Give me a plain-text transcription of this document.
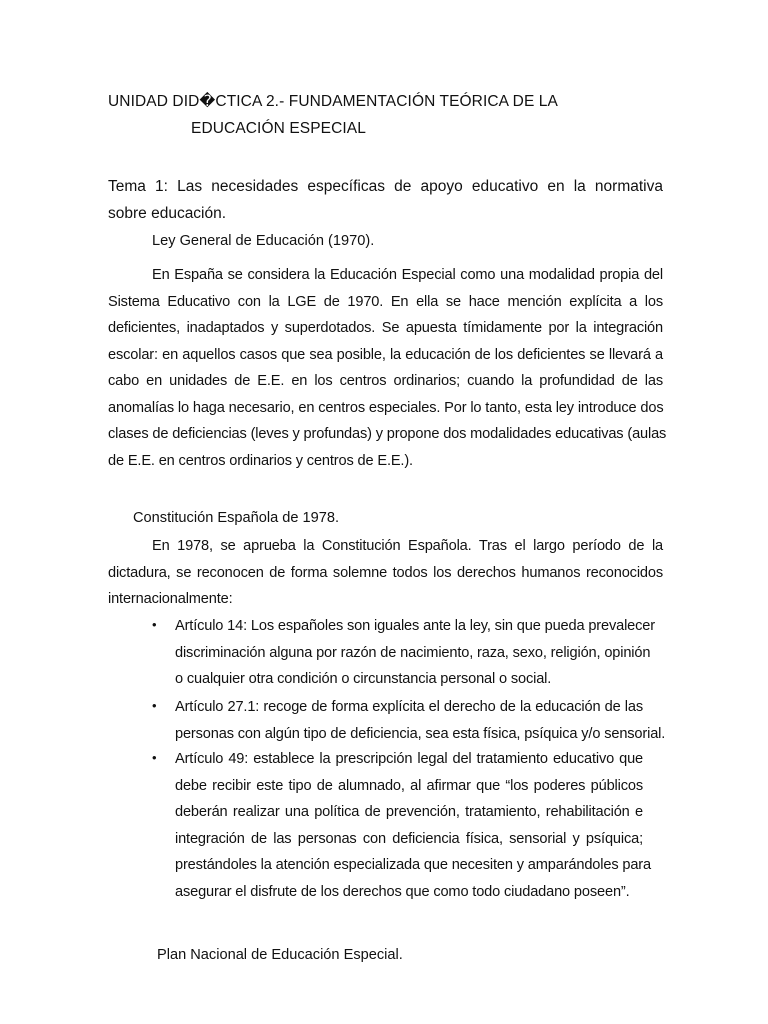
UNIDAD DID�CTICA 2.- FUNDAMENTACIÓN TEÓRICA DE LA
EDUCACIÓN ESPECIAL
Tema 1: Las necesidades específicas de apoyo educativo en la normativa
sobre educación.
Ley General de Educación (1970).
En España se considera la Educación Especial como una modalidad propia del
Sistema Educativo con la LGE de 1970. En ella se hace mención explícita a los
deficientes, inadaptados y superdotados. Se apuesta tímidamente por la integración
escolar: en aquellos casos que sea posible, la educación de los deficientes se llevará a
cabo en unidades de E.E. en los centros ordinarios; cuando la profundidad de las
anomalías lo haga necesario, en centros especiales. Por lo tanto, esta ley introduce dos
clases de deficiencias (leves y profundas) y propone dos modalidades educativas (aulas
de E.E. en centros ordinarios y centros de E.E.).
Constitución Española de 1978.
En 1978, se aprueba la Constitución Española. Tras el largo período de la
dictadura, se reconocen de forma solemne todos los derechos humanos reconocidos
internacionalmente:
• Artículo 14: Los españoles son iguales ante la ley, sin que pueda prevalecer
discriminación alguna por razón de nacimiento, raza, sexo, religión, opinión
o cualquier otra condición o circunstancia personal o social.
• Artículo 27.1: recoge de forma explícita el derecho de la educación de las
personas con algún tipo de deficiencia, sea esta física, psíquica y/o sensorial.
• Artículo 49: establece la prescripción legal del tratamiento educativo que
debe recibir este tipo de alumnado, al afirmar que “los poderes públicos
deberán realizar una política de prevención, tratamiento, rehabilitación e
integración de las personas con deficiencia física, sensorial y psíquica;
prestándoles la atención especializada que necesiten y amparándoles para
asegurar el disfrute de los derechos que como todo ciudadano poseen”.
Plan Nacional de Educación Especial.
